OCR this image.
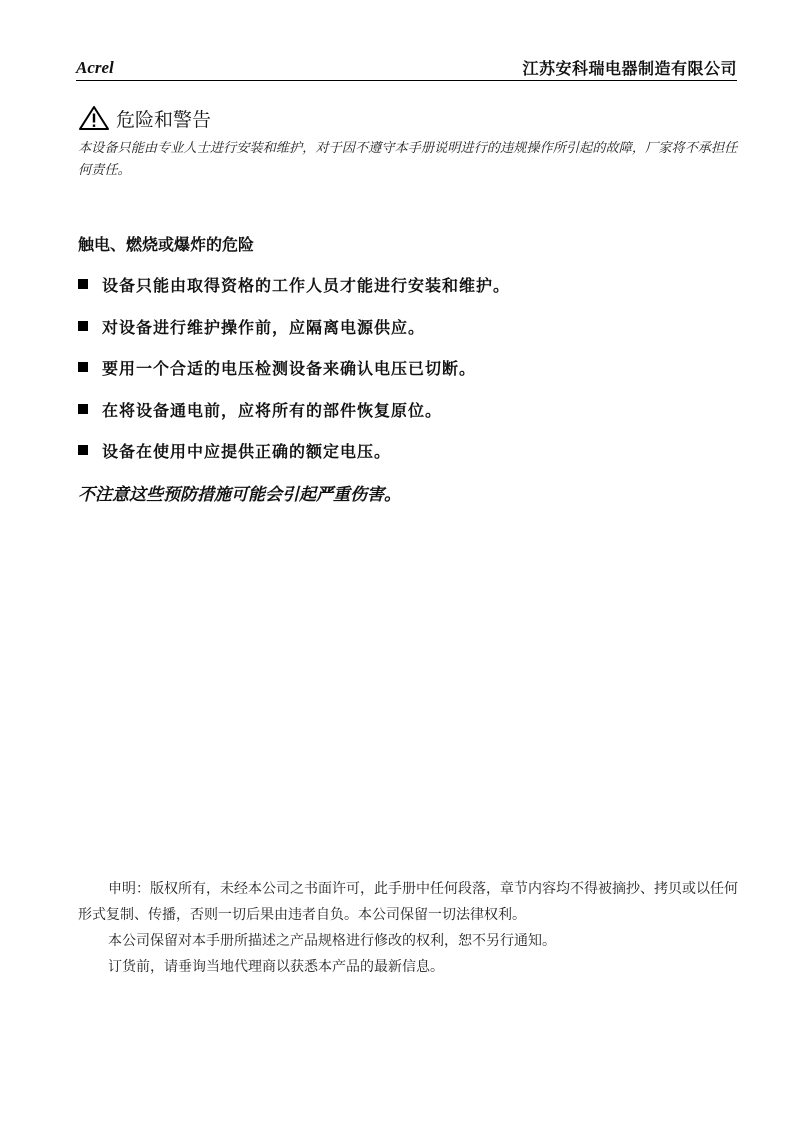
Acrel	江苏安科瑞电器制造有限公司
危险和警告
本设备只能由专业人士进行安装和维护，对于因不遵守本手册说明进行的违规操作所引起的故障，厂家将不承担任何责任。
触电、燃烧或爆炸的危险
设备只能由取得资格的工作人员才能进行安装和维护。
对设备进行维护操作前，应隔离电源供应。
要用一个合适的电压检测设备来确认电压已切断。
在将设备通电前，应将所有的部件恢复原位。
设备在使用中应提供正确的额定电压。
不注意这些预防措施可能会引起严重伤害。

申明：版权所有，未经本公司之书面许可，此手册中任何段落，章节内容均不得被摘抄、拷贝或以任何形式复制、传播，否则一切后果由违者自负。本公司保留一切法律权利。

本公司保留对本手册所描述之产品规格进行修改的权利，恕不另行通知。

订货前，请垂询当地代理商以获悉本产品的最新信息。
